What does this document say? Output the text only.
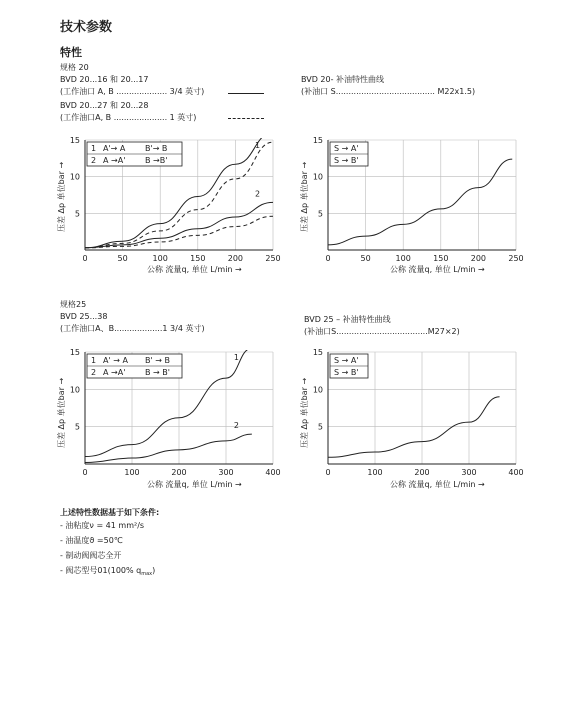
技术参数
特性
规格 20
BVD 20...16 和 20...17
(工作油口 A, B .................... 3/4 英寸)
BVD 20...27 和 20...28
(工作油口A, B ..................... 1 英寸)
BVD 20- 补油特性曲线
(补油口 S....................................... M22x1.5)
规格25
BVD 25...38
(工作油口A、B...................1 3/4 英寸)
BVD 25 – 补油特性曲线
(补油口S....................................M27×2)
0	50	100	150	200	250
5
10
15
1
2
1 A'→ A B'→ B
2 A →A' B →B'
0	50	100	150	200	250
5
10
15
S → A'
S → B'
0	100	200	300	400
5
10
15
1
2
1 A' → A B' → B
2 A →A' B → B'
0	100	200	300	400
5
10
15
S → A'
S → B'
压差 Δp 单位bar →	压差 Δp 单位bar →
压差 Δp 单位bar →	压差 Δp 单位bar →
公称 流量q, 单位 L/min →	公称 流量q, 单位 L/min →
公称 流量q, 单位 L/min →	公称 流量q, 单位 L/min →
上述特性数据基于如下条件:
- 油粘度ν = 41 mm²/s
- 油温度ϑ =50℃
- 制动阀阀芯全开
- 阀芯型号01(100% $q_{max}$)
